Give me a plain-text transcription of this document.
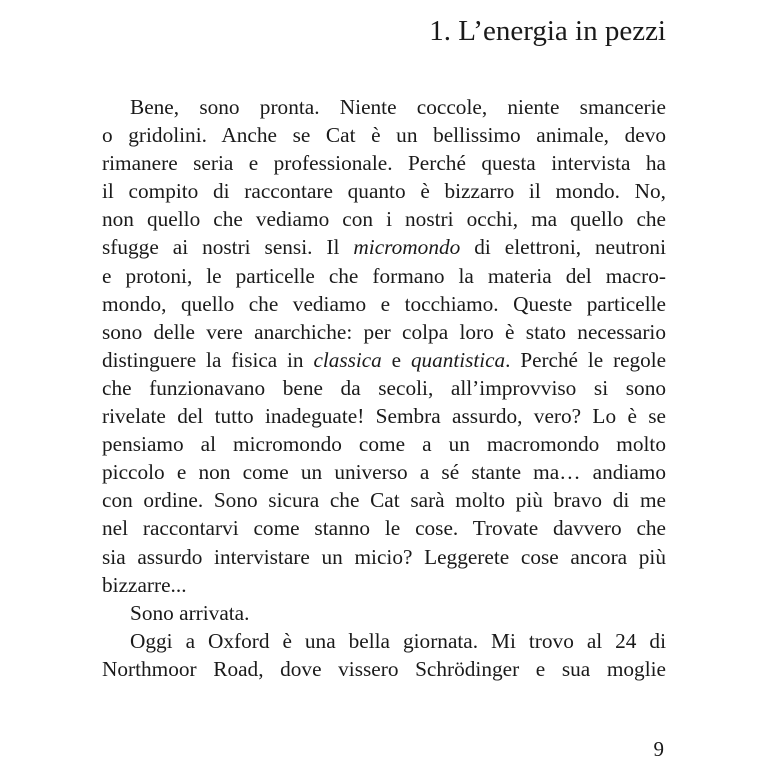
1. L’energia in pezzi
Bene, sono pronta. Niente coccole, niente smancerie
o gridolini. Anche se Cat è un bellissimo animale, devo
rimanere seria e professionale. Perché questa intervista ha
il compito di raccontare quanto è bizzarro il mondo. No,
non quello che vediamo con i nostri occhi, ma quello che
sfugge ai nostri sensi. Il micromondo di elettroni, neutroni
e protoni, le particelle che formano la materia del macro-
mondo, quello che vediamo e tocchiamo. Queste particelle
sono delle vere anarchiche: per colpa loro è stato necessario
distinguere la fisica in classica e quantistica. Perché le regole
che funzionavano bene da secoli, all’improvviso si sono
rivelate del tutto inadeguate! Sembra assurdo, vero? Lo è se
pensiamo al micromondo come a un macromondo molto
piccolo e non come un universo a sé stante ma… andiamo
con ordine. Sono sicura che Cat sarà molto più bravo di me
nel raccontarvi come stanno le cose. Trovate davvero che
sia assurdo intervistare un micio? Leggerete cose ancora più
bizzarre...
Sono arrivata.
Oggi a Oxford è una bella giornata. Mi trovo al 24 di
Northmoor Road, dove vissero Schrödinger e sua moglie
9
